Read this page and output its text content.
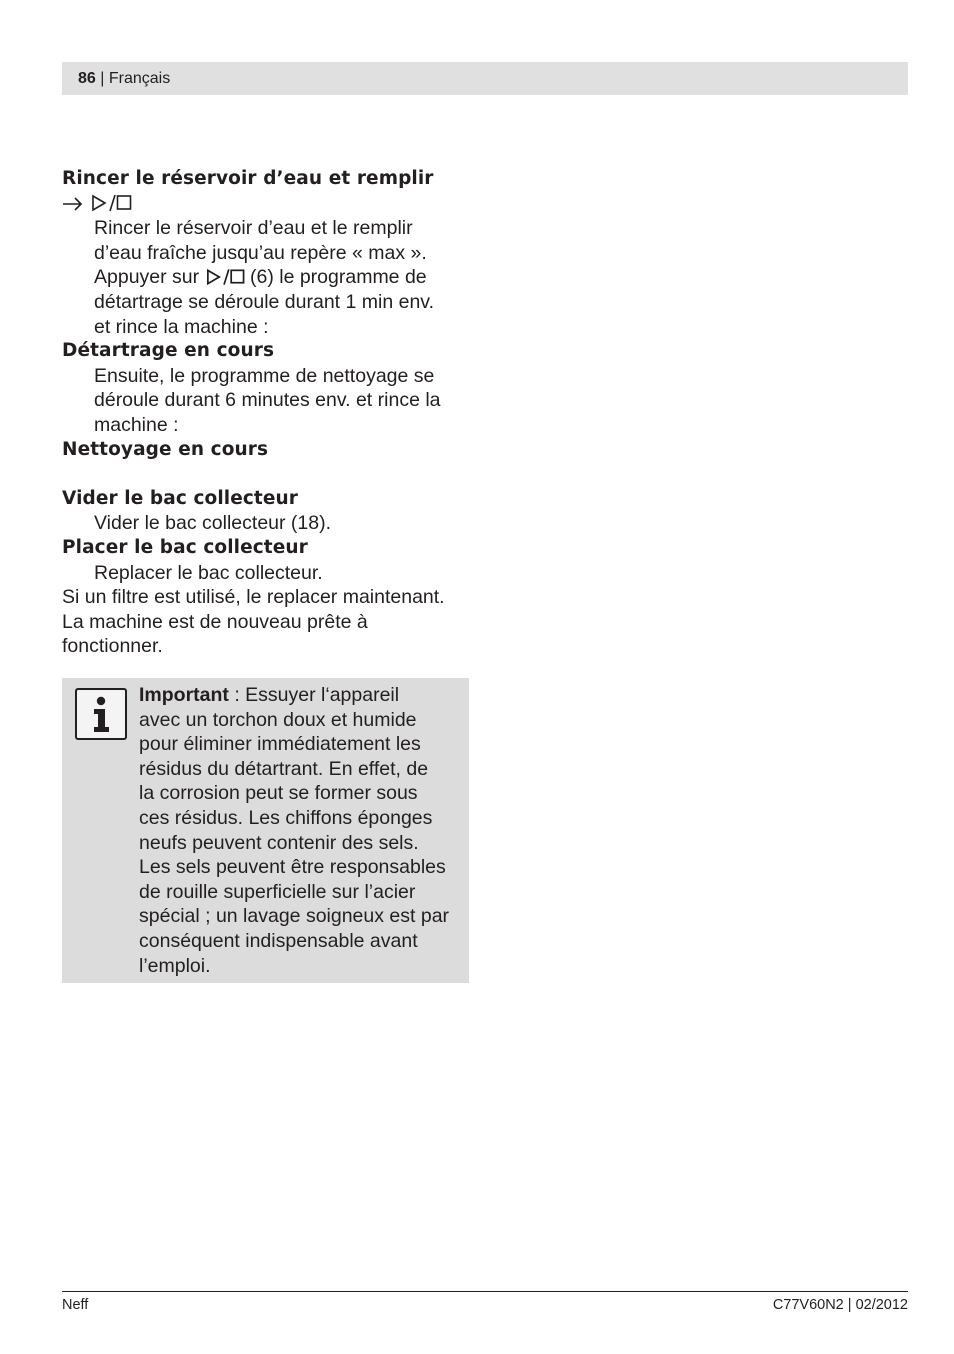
86 | Français
Rincer le réservoir d’eau et remplir
Rincer le réservoir d’eau et le remplir
d’eau fraîche jusqu’au repère « max ».
Appuyer sur	(6) le programme de
détartrage se déroule durant 1 min env.
et rince la machine :
Détartrage en cours
Ensuite, le programme de nettoyage se
déroule durant 6 minutes env. et rince la
machine :
Nettoyage en cours
Vider le bac collecteur
Vider le bac collecteur (18).
Placer le bac collecteur
Replacer le bac collecteur.
Si un filtre est utilisé, le replacer maintenant.
La machine est de nouveau prête à
fonctionner.
Important : Essuyer l‘appareil
avec un torchon doux et humide
pour éliminer immédiatement les
résidus du détartrant. En effet, de
la corrosion peut se former sous
ces résidus. Les chiffons éponges
neufs peuvent contenir des sels.
Les sels peuvent être responsables
de rouille superficielle sur l’acier
spécial ; un lavage soigneux est par
conséquent indispensable avant
l’emploi.
Neff	C77V60N2 | 02/2012
